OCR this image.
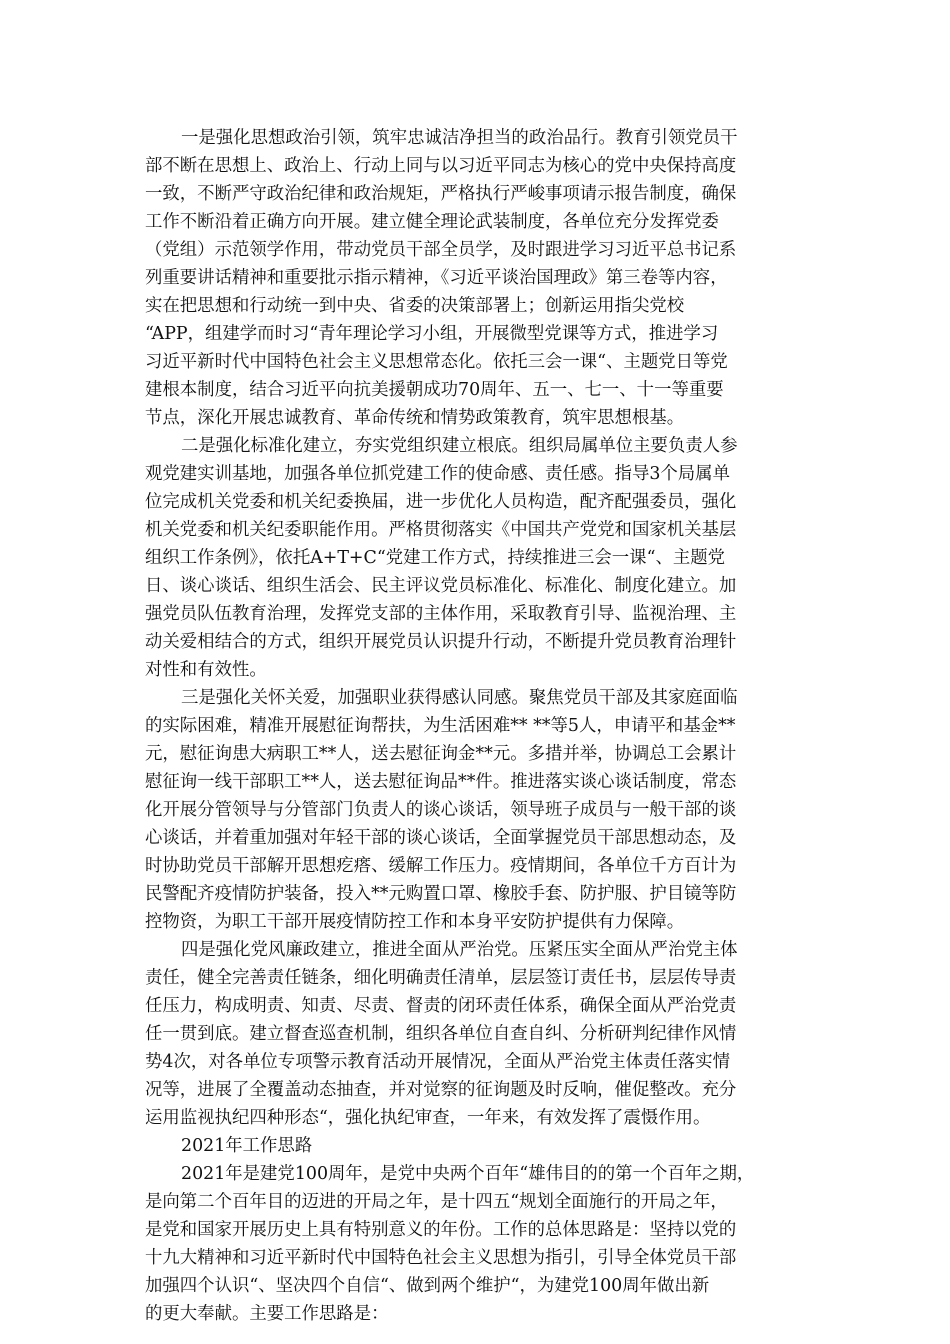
一是强化思想政治引领，筑牢忠诚洁净担当的政治品行。教育引领党员干
部不断在思想上、政治上、行动上同与以习近平同志为核心的党中央保持高度
一致，不断严守政治纪律和政治规矩，严格执行严峻事项请示报告制度，确保
工作不断沿着正确方向开展。建立健全理论武装制度，各单位充分发挥党委
（党组）示范领学作用，带动党员干部全员学，及时跟进学习习近平总书记系
列重要讲话精神和重要批示指示精神，《习近平谈治国理政》第三卷等内容，
实在把思想和行动统一到中央、省委的决策部署上；创新运用指尖党校
“APP，组建学而时习“青年理论学习小组，开展微型党课等方式，推进学习
习近平新时代中国特色社会主义思想常态化。依托三会一课“、主题党日等党
建根本制度，结合习近平向抗美援朝成功70周年、五一、七一、十一等重要
节点，深化开展忠诚教育、革命传统和情势政策教育，筑牢思想根基。
二是强化标准化建立，夯实党组织建立根底。组织局属单位主要负责人参
观党建实训基地，加强各单位抓党建工作的使命感、责任感。指导3个局属单
位完成机关党委和机关纪委换届，进一步优化人员构造，配齐配强委员，强化
机关党委和机关纪委职能作用。严格贯彻落实《中国共产党党和国家机关基层
组织工作条例》，依托A+T+C“党建工作方式，持续推进三会一课“、主题党
日、谈心谈话、组织生活会、民主评议党员标准化、标准化、制度化建立。加
强党员队伍教育治理，发挥党支部的主体作用，采取教育引导、监视治理、主
动关爱相结合的方式，组织开展党员认识提升行动，不断提升党员教育治理针
对性和有效性。
三是强化关怀关爱，加强职业获得感认同感。聚焦党员干部及其家庭面临
的实际困难，精准开展慰征询帮扶，为生活困难** **等5人，申请平和基金**
元，慰征询患大病职工**人，送去慰征询金**元。多措并举，协调总工会累计
慰征询一线干部职工**人，送去慰征询品**件。推进落实谈心谈话制度，常态
化开展分管领导与分管部门负责人的谈心谈话，领导班子成员与一般干部的谈
心谈话，并着重加强对年轻干部的谈心谈话，全面掌握党员干部思想动态，及
时协助党员干部解开思想疙瘩、缓解工作压力。疫情期间，各单位千方百计为
民警配齐疫情防护装备，投入**元购置口罩、橡胶手套、防护服、护目镜等防
控物资，为职工干部开展疫情防控工作和本身平安防护提供有力保障。
四是强化党风廉政建立，推进全面从严治党。压紧压实全面从严治党主体
责任，健全完善责任链条，细化明确责任清单，层层签订责任书，层层传导责
任压力，构成明责、知责、尽责、督责的闭环责任体系，确保全面从严治党责
任一贯到底。建立督查巡查机制，组织各单位自查自纠、分析研判纪律作风情
势4次，对各单位专项警示教育活动开展情况，全面从严治党主体责任落实情
况等，进展了全覆盖动态抽查，并对觉察的征询题及时反响，催促整改。充分
运用监视执纪四种形态“，强化执纪审查，一年来，有效发挥了震慑作用。
2021年工作思路
2021年是建党100周年，是党中央两个百年“雄伟目的的第一个百年之期，
是向第二个百年目的迈进的开局之年，是十四五“规划全面施行的开局之年，
是党和国家开展历史上具有特别意义的年份。工作的总体思路是：坚持以党的
十九大精神和习近平新时代中国特色社会主义思想为指引，引导全体党员干部
加强四个认识“、坚决四个自信“、做到两个维护“，为建党100周年做出新
的更大奉献。主要工作思路是：
